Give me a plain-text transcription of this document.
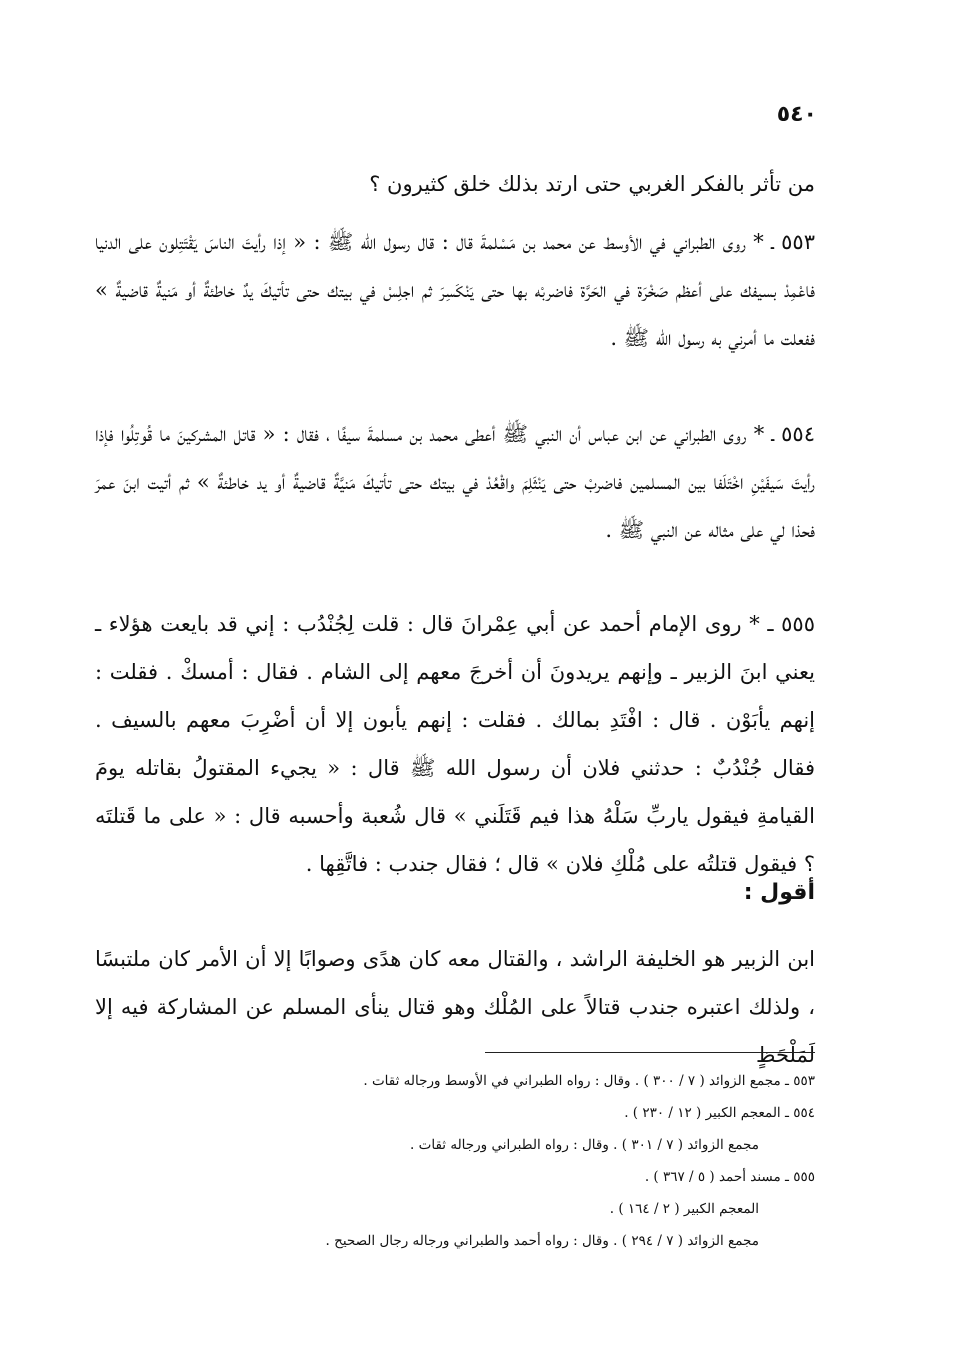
٥٤٠

من تأثر بالفكر الغربي حتى ارتد بذلك خلق كثيرون ؟

٥٥٣ ـ * روى الطبراني في الأوسط عن محمد بن مَسْلمةَ قال : قال رسول الله ﷺ : « إذا رأيتَ الناسَ يَقْتَتِلون على الدنيا فاعْمِدْ بسيفك على أعظم صَخْرَة في الحَرَّة فاضربْه بها حتى يَنْكَسِرَ ثم اجلِسْ في بيتك حتى تأتيكَ يدٌ خاطئةٌ أو مَنيةٌ قاضيةٌ » ففعلت ما أمرني به رسول الله ﷺ .

٥٥٤ ـ * روى الطبراني عن ابن عباس أن النبي ﷺ أعطى محمد بن مسلمةَ سيفًا ، فقال : « قاتل المشركينَ ما قُوتِلُوا فإذا رأيتَ سَيفَيْنِ اخْتَلَفا بين المسلمين فاضربْ حتى يَنْثَلِمَ واقْعُدْ في بيتك حتى تأتيكَ مَنيَّةٌ قاضيةٌ أو يد خاطئةٌ » ثم أتيت ابنَ عمرَ فحذا لي على مثاله عن النبي ﷺ .

٥٥٥ ـ * روى الإمام أحمد عن أبي عِمْرانَ قال : قلت لِجُنْدُب : إني قد بايعت هؤلاء ـ يعني ابنَ الزبير ـ وإنهم يريدونَ أن أخرجَ معهم إلى الشام . فقال : أمسكْ . فقلت : إنهم يأبَوْن . قال : افْتَدِ بمالك . فقلت : إنهم يأبون إلا أن أضْرِبَ معهم بالسيف . فقال جُنْدُبٌ : حدثني فلان أن رسول الله ﷺ قال : « يجيء المقتولُ بقاتله يومَ القيامةِ فيقول ياربِّ سَلْهُ هذا فيم قَتَلَني » قال شُعبة وأحسبه قال : « على ما قَتلتَه ؟ فيقول قتلتُه على مُلْكِ فلان » قال ؛ فقال جندب : فاتَّقِها .

أقول :

ابن الزبير هو الخليفة الراشد ، والقتال معه كان هدًى وصوابًا إلا أن الأمر كان ملتبسًا ، ولذلك اعتبره جندب قتالاً على المُلْك وهو قتال ينأى المسلم عن المشاركة فيه إلا لَمَلْحَظٍ

٥٥٣ ـ مجمع الزوائد ( ٧ / ٣٠٠ ) . وقال : رواه الطبراني في الأوسط ورجاله ثقات .
٥٥٤ ـ المعجم الكبير ( ١٢ / ٢٣٠ ) .
مجمع الزوائد ( ٧ / ٣٠١ ) . وقال : رواه الطبراني ورجاله ثقات .
٥٥٥ ـ مسند أحمد ( ٥ / ٣٦٧ ) .
المعجم الكبير ( ٢ / ١٦٤ ) .
مجمع الزوائد ( ٧ / ٢٩٤ ) . وقال : رواه أحمد والطبراني ورجاله رجال الصحيح .
